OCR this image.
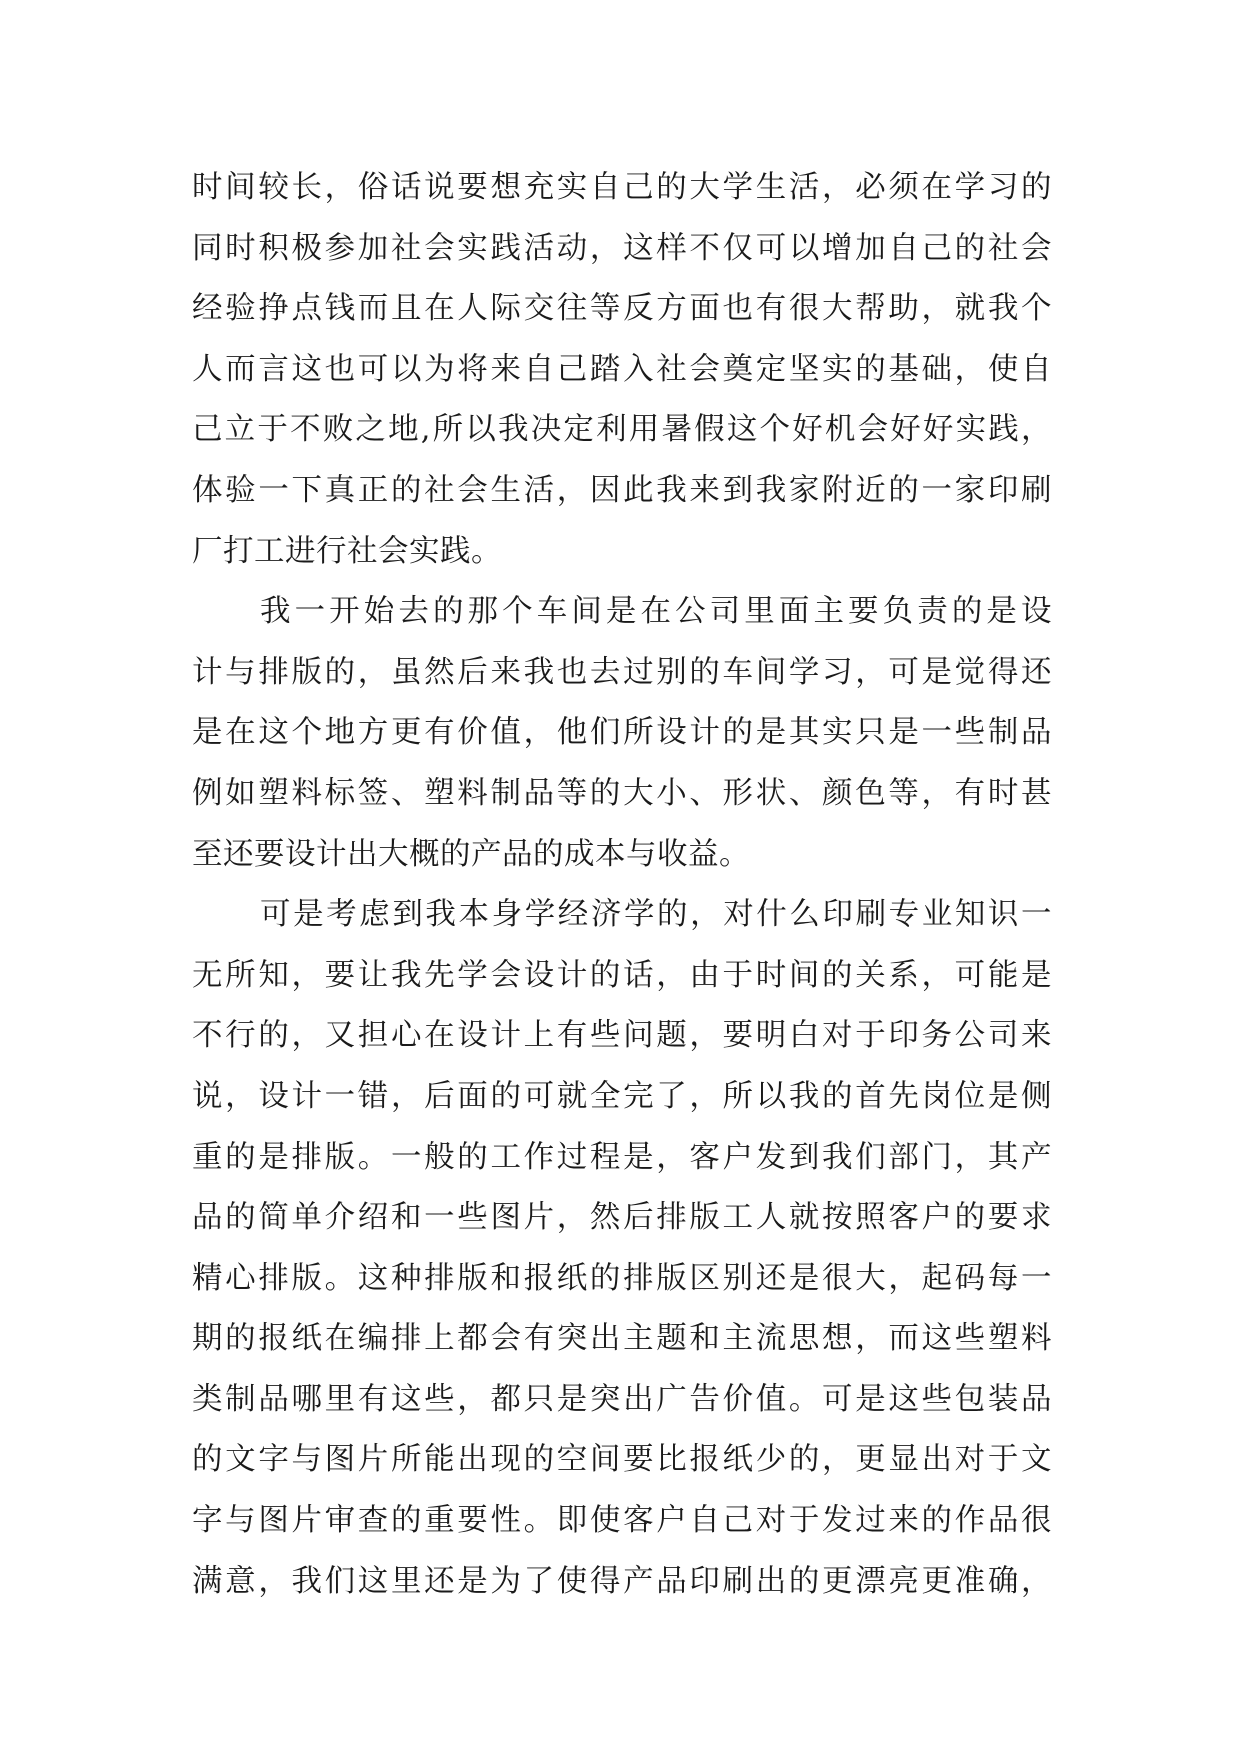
时间较长，俗话说要想充实自己的大学生活，必须在学习的
同时积极参加社会实践活动，这样不仅可以增加自己的社会
经验挣点钱而且在人际交往等反方面也有很大帮助，就我个
人而言这也可以为将来自己踏入社会奠定坚实的基础，使自
己立于不败之地,所以我决定利用暑假这个好机会好好实践，
体验一下真正的社会生活，因此我来到我家附近的一家印刷
厂打工进行社会实践。
我一开始去的那个车间是在公司里面主要负责的是设
计与排版的，虽然后来我也去过别的车间学习，可是觉得还
是在这个地方更有价值，他们所设计的是其实只是一些制品
例如塑料标签、塑料制品等的大小、形状、颜色等，有时甚
至还要设计出大概的产品的成本与收益。
可是考虑到我本身学经济学的，对什么印刷专业知识一
无所知，要让我先学会设计的话，由于时间的关系，可能是
不行的，又担心在设计上有些问题，要明白对于印务公司来
说，设计一错，后面的可就全完了，所以我的首先岗位是侧
重的是排版。一般的工作过程是，客户发到我们部门，其产
品的简单介绍和一些图片，然后排版工人就按照客户的要求
精心排版。这种排版和报纸的排版区别还是很大，起码每一
期的报纸在编排上都会有突出主题和主流思想，而这些塑料
类制品哪里有这些，都只是突出广告价值。可是这些包装品
的文字与图片所能出现的空间要比报纸少的，更显出对于文
字与图片审查的重要性。即使客户自己对于发过来的作品很
满意，我们这里还是为了使得产品印刷出的更漂亮更准确，
